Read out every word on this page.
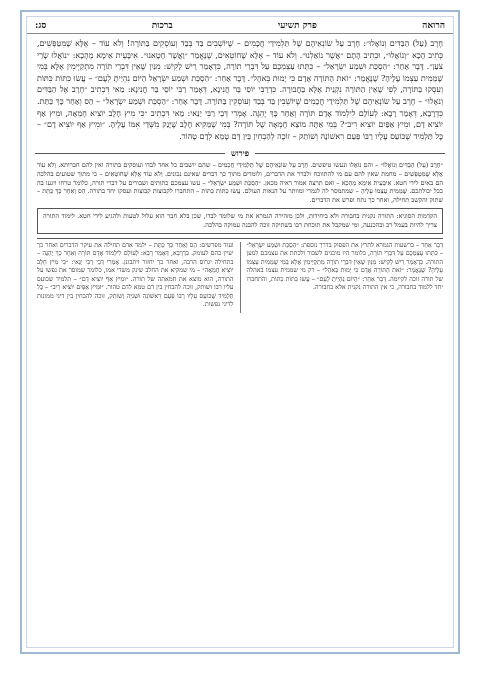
הרואה
פרק תשיעי
ברכות
סג:

חֶרֶב (עַל) הַבַּדִּים וְנוֹאָלוּ״: חֶרֶב עַל שׂוֹנְאֵיהֶם שֶׁל תַּלְמִידֵי חֲכָמִים – שֶׁיּוֹשְׁבִים בַּד בְּבַד וְעוֹסְקִים בַּתּוֹרָה! וְלֹא עוֹד – אֶלָּא שֶׁמִּטַּפְּשִׁים, כְּתִיב הָכָא ״וְנוֹאָלוּ״, וּכְתִיב הָתָם ״אֲשֶׁר נוֹאַלְנוּ״. וְלֹא עוֹד – אֶלָּא שֶׁחוֹטְאִים, שֶׁנֶּאֱמַר ״וַאֲשֶׁר חָטָאנוּ״. אִיבָּעֵית אֵימָא מֵהָכָא: ״נוֹאֲלוּ שָׂרֵי צֹעַן״. דָּבָר אַחֵר: ״הַסְכֵּת וּשְׁמַע יִשְׂרָאֵל״ – כִּתְּתוּ עַצְמְכֶם עַל דִּבְרֵי תוֹרָה, כִּדְאָמַר רֵישׁ לָקִישׁ: מִנַּיִן שֶׁאֵין דִּבְרֵי תוֹרָה מִתְקַיְּימִין אֶלָּא בְּמִי שֶׁמֵּמִית עַצְמוֹ עָלֶיהָ? שֶׁנֶּאֱמַר: ״זֹאת הַתּוֹרָה אָדָם כִּי יָמוּת בְּאֹהֶל״. דָּבָר אַחֵר: ״הַסְכֵּת וּשְׁמַע יִשְׂרָאֵל הַיּוֹם נִהְיֵיתָ לְעָם״ – עֲשׂוּ כִּתּוֹת כִּתּוֹת וְעִסְקוּ בַּתּוֹרָה, לְפִי שֶׁאֵין הַתּוֹרָה נִקְנֵית אֶלָּא בַּחֲבוּרָה. כִּדְרַבִּי יוֹסֵי בַּר חֲנִינָא, דְּאָמַר רַבִּי יוֹסֵי בַּר חֲנִינָא: מַאי דִּכְתִיב ״חֶרֶב אֶל הַבַּדִּים וְנֹאָלוּ״ – חֶרֶב עַל שׂוֹנְאֵיהֶם שֶׁל תַּלְמִידֵי חֲכָמִים שֶׁיּוֹשְׁבִין בַּד בְּבַד וְעוֹסְקִין בַּתּוֹרָה. דָּבָר אַחֵר: ״הַסְכֵּת וּשְׁמַע יִשְׂרָאֵל״ – הַס וְאַחַר כָּךְ כַּתֵּת. כִּדְרָבָא, דְּאָמַר רָבָא: לְעוֹלָם לִילְמוֹד אָדָם תּוֹרָה וְאַחַר כָּךְ יֶהְגֶּה. אָמְרִי דְּבֵי רַבִּי יַנַּאי: מַאי דִּכְתִיב ״כִּי מִיץ חָלָב יוֹצִיא חֶמְאָה, וּמִיץ אַף יוֹצִיא דָם, וּמִיץ אַפַּיִם יוֹצִיא רִיב״? בְּמִי אַתָּה מוֹצֵא חֶמְאָה שֶׁל תּוֹרָה? בְּמִי שֶׁמֵּקִיא חָלָב שֶׁיָּנַק מִשְּׁדֵי אִמּוֹ עָלֶיהָ. ״וּמִיץ אַף יוֹצִיא דָם״ – כׇּל תַּלְמִיד שֶׁכּוֹעֵס עָלָיו רַבּוֹ פַּעַם רִאשׁוֹנָה וְשׁוֹתֵק – זוֹכֶה לְהַבְחִין בֵּין דָּם טָמֵא לְדָם טָהוֹר.

פירוש

״חֶרֶב (עַל) הַבַּדִּים וְנוֹאָלוּ״ – והם נוֹאָלוּ ונעשו טיפשים. חֶרֶב עַל שׂוֹנְאֵיהֶם שֶׁל תַּלְמִידֵי חֲכָמִים – שהם יושבים כל אחד לבדו ועוסקים בתורה ואין להם חברותא. וְלֹא עוֹד אֶלָּא שֶׁמִּטַּפְּשִׁים – מחמת שאין להם עם מי להתווכח ולברר את הדברים, ולומדים מתוך כך דברים שאינם נכונים. וְלֹא עוֹד אֶלָּא שֶׁחוֹטְאִים – כי מתוך שטועים בהלכה הם באים לידי חטא. אִיבָּעֵית אֵימָא מֵהָכָא – ואם תרצה אמור ראיה מכאן. ״הַסְכֵּת וּשְׁמַע יִשְׂרָאֵל״ – עשו עצמכם כתותים ושבורים על דברי תורה, כלומר טרחו ויגעו בה ככל יכולתכם. שֶׁמֵּמִית עַצְמוֹ עָלֶיהָ – שמתמסר לה לגמרי ומוותר על הנאות העולם. עֲשׂוּ כִּתּוֹת כִּתּוֹת – התחברו לקבוצות קבוצות ועסקו יחד בתורה. הַס וְאַחַר כָּךְ כַּתֵּת – שתוק והקשב תחילה, ואחר כך נתח ופרש את הדברים.

הקדמות הסוגיא: התורה נקנית בחבורה ולא ביחידות, ולכן מזהירה הגמרא את מי שלומד לבדו, שכן בלא חבר הוא עלול לטעות ולהגיע לידי חטא. לימוד התורה צריך להיות בעמל רב ובהכנעה, ומי שמקבל את תוכחת רבו בשתיקה זוכה להבנה עמוקה בהלכה.

דָּבָר אַחֵר – ברשעות הגמרא לתרץ את הפסוק בדרך נוספת: ״הַסְכֵּת וּשְׁמַע יִשְׂרָאֵל״ – כִּתְּתוּ עַצְמְכֶם עַל דִּבְרֵי תוֹרָה, כלומר היו מוכנים לשבור ולכתת את עצמכם למען התורה. כִּדְאָמַר רֵישׁ לָקִישׁ: מִנַּיִן שֶׁאֵין דִּבְרֵי תוֹרָה מִתְקַיְּימִין אֶלָּא בְּמִי שֶׁמֵּמִית עַצְמוֹ עָלֶיהָ? שֶׁנֶּאֱמַר: ״זֹאת הַתּוֹרָה אָדָם כִּי יָמוּת בְּאֹהֶל״ – רק מי שממית עצמו באהלה של תורה זוכה לקיימה. דָּבָר אַחֵר: ״הַיּוֹם נִהְיֵיתָ לְעָם״ – עֲשׂוּ כִּתּוֹת כִּתּוֹת, והתחברו יחד ללמוד בחבורה, כי אין התורה נקנית אלא בחבורה.

ועוד מפרשים: הַס וְאַחַר כָּךְ כַּתֵּת – ילמד אדם תחילה את עיקר הדברים ואחר כך יעיין בהם לעומק. כִּדְרָבָא, דְּאָמַר רָבָא: לְעוֹלָם לִילְמוֹד אָדָם תּוֹרָה וְאַחַר כָּךְ יֶהְגֶּה – בתחילה יגרוס הרבה, ואחר כך יחזור ויתבונן. אָמְרִי דְּבֵי רַבִּי יַנַּאי: ״כִּי מִיץ חָלָב יוֹצִיא חֶמְאָה״ – מי שמקיא את החלב שינק משדי אמו, כלומר שמוסר את נפשו על התורה, הוא מוצא את חמאתה של תורה. ״וּמִיץ אַף יוֹצִיא דָם״ – תלמיד שכועס עליו רבו ושותק, זוכה להבחין בין דם טמא לדם טהור. ״וּמִיץ אַפַּיִם יוֹצִיא רִיב״ – כׇּל תַּלְמִיד שֶׁכּוֹעֵס עָלָיו רַבּוֹ פַּעַם רִאשׁוֹנָה וּשְׁנִיָּה וְשׁוֹתֵק, זוכה להבחין בין דיני ממונות לדיני נפשות.
